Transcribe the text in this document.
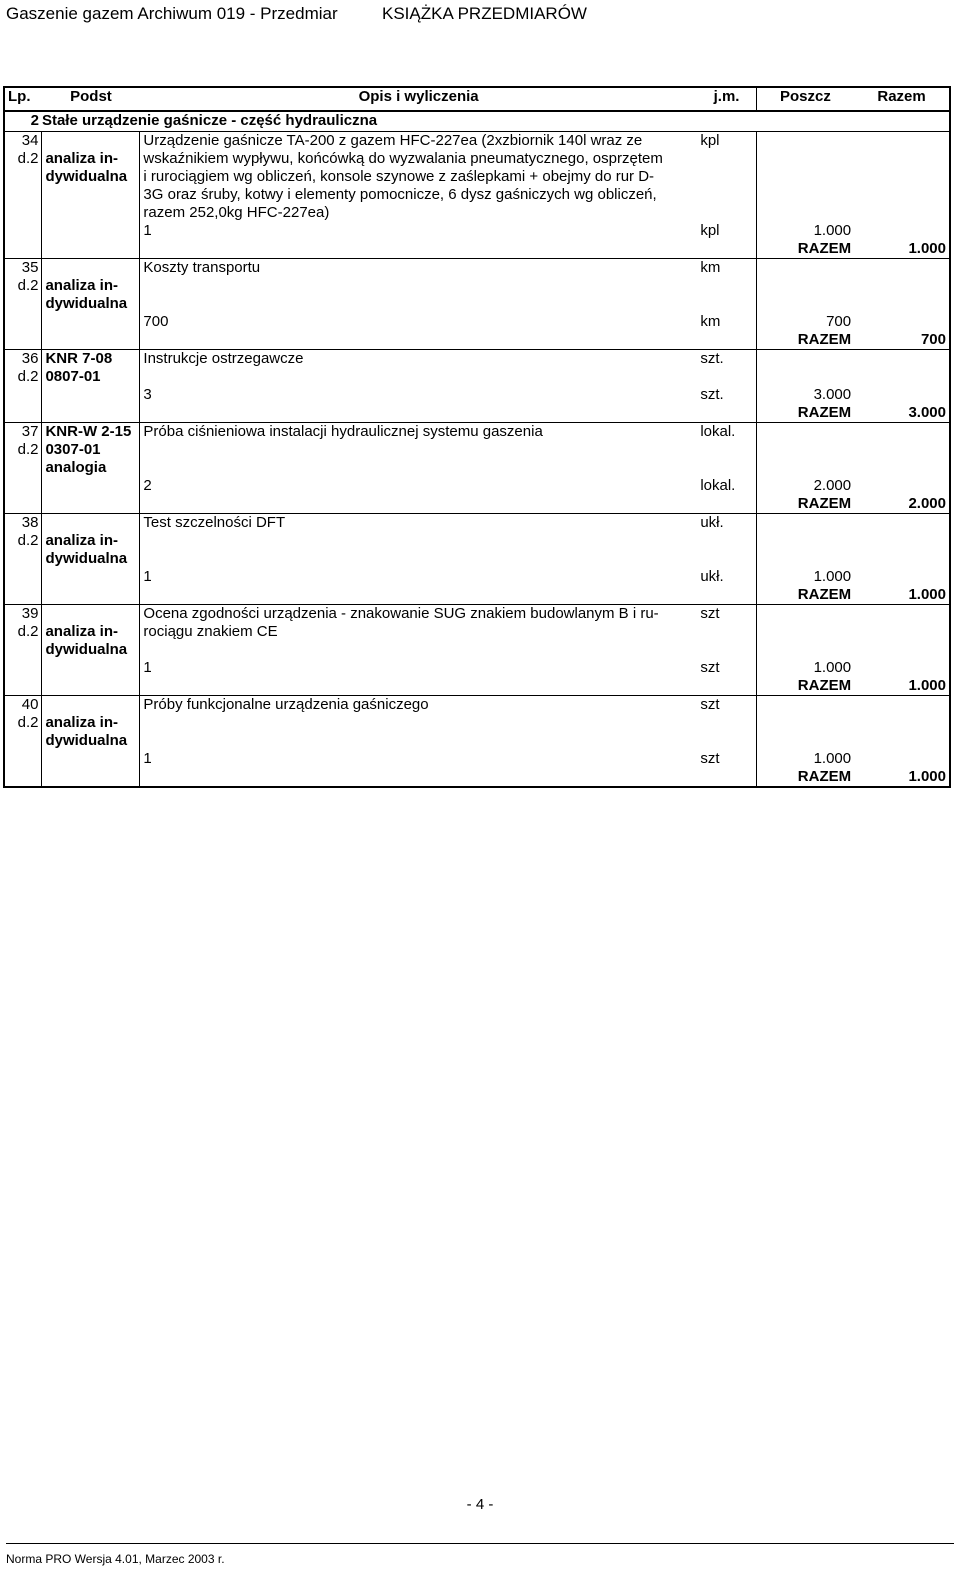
Gaszenie gazem Archiwum 019 - Przedmiar	KSIĄŻKA PRZEDMIARÓW
Lp.	Podst	Opis i wyliczenia	j.m.	Poszcz	Razem
2	Stałe urządzenie gaśnicze - część hydrauliczna				
34		Urządzenie gaśnicze TA-200 z gazem HFC-227ea (2xzbiornik 140l wraz ze	kpl		
d.2	analiza in-	wskaźnikiem wypływu, końcówką do wyzwalania pneumatycznego, osprzętem			
	dywidualna	i rurociągiem wg obliczeń, konsole szynowe z zaślepkami + obejmy do rur D-			
		3G oraz śruby, kotwy i elementy pomocnicze, 6 dysz gaśniczych wg obliczeń,			
		razem 252,0kg HFC-227ea)			
		1	kpl	1.000	
				RAZEM	1.000
35		Koszty transportu	km		
d.2	analiza in-				
	dywidualna				
		700	km	700	
				RAZEM	700
36	KNR 7-08	Instrukcje ostrzegawcze	szt.		
d.2	0807-01				
		3	szt.	3.000	
				RAZEM	3.000
37	KNR-W 2-15	Próba ciśnieniowa instalacji hydraulicznej systemu gaszenia	lokal.		
d.2	0307-01				
	analogia				
		2	lokal.	2.000	
				RAZEM	2.000
38		Test szczelności DFT	ukł.		
d.2	analiza in-				
	dywidualna				
		1	ukł.	1.000	
				RAZEM	1.000
39		Ocena zgodności urządzenia - znakowanie SUG znakiem budowlanym B i ru-	szt		
d.2	analiza in-	rociągu znakiem CE			
	dywidualna				
		1	szt	1.000	
				RAZEM	1.000
40		Próby funkcjonalne urządzenia gaśniczego	szt		
d.2	analiza in-				
	dywidualna				
		1	szt	1.000	
				RAZEM	1.000
- 4 -
Norma PRO Wersja 4.01, Marzec 2003 r.
